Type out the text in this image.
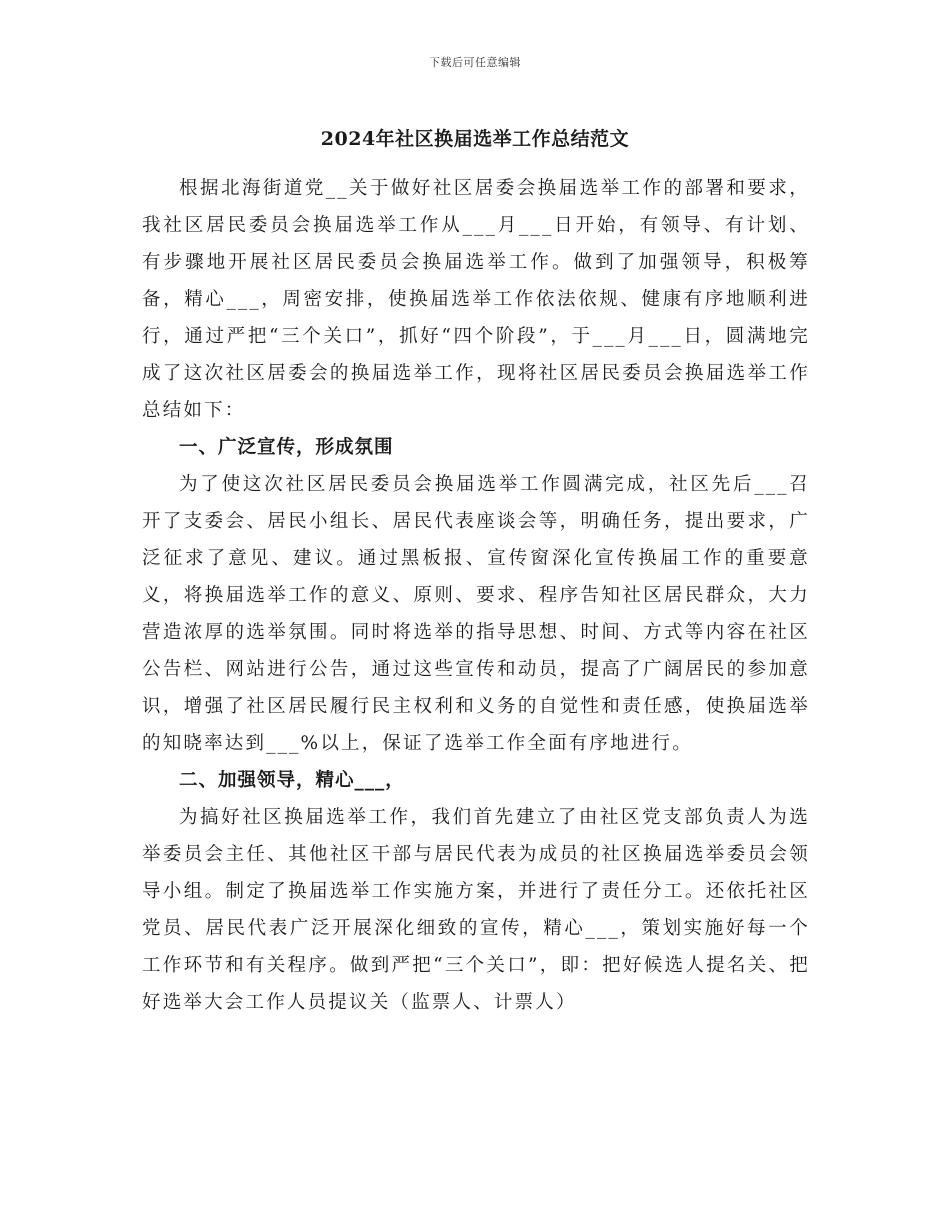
下载后可任意编辑
2024年社区换届选举工作总结范文

根据北海街道党__关于做好社区居委会换届选举工作的部署和要求，我社区居民委员会换届选举工作从___月___日开始，有领导、有计划、有步骤地开展社区居民委员会换届选举工作。做到了加强领导，积极筹备，精心___，周密安排，使换届选举工作依法依规、健康有序地顺利进行，通过严把“三个关口”，抓好“四个阶段”，于___月___日，圆满地完成了这次社区居委会的换届选举工作，现将社区居民委员会换届选举工作总结如下：

一、广泛宣传，形成氛围

为了使这次社区居民委员会换届选举工作圆满完成，社区先后___召开了支委会、居民小组长、居民代表座谈会等，明确任务，提出要求，广泛征求了意见、建议。通过黑板报、宣传窗深化宣传换届工作的重要意义，将换届选举工作的意义、原则、要求、程序告知社区居民群众，大力营造浓厚的选举氛围。同时将选举的指导思想、时间、方式等内容在社区公告栏、网站进行公告，通过这些宣传和动员，提高了广阔居民的参加意识，增强了社区居民履行民主权利和义务的自觉性和责任感，使换届选举的知晓率达到___%以上，保证了选举工作全面有序地进行。

二、加强领导，精心___，

为搞好社区换届选举工作，我们首先建立了由社区党支部负责人为选举委员会主任、其他社区干部与居民代表为成员的社区换届选举委员会领导小组。制定了换届选举工作实施方案，并进行了责任分工。还依托社区党员、居民代表广泛开展深化细致的宣传，精心___，策划实施好每一个工作环节和有关程序。做到严把“三个关口”，即：把好候选人提名关、把好选举大会工作人员提议关（监票人、计票人）
